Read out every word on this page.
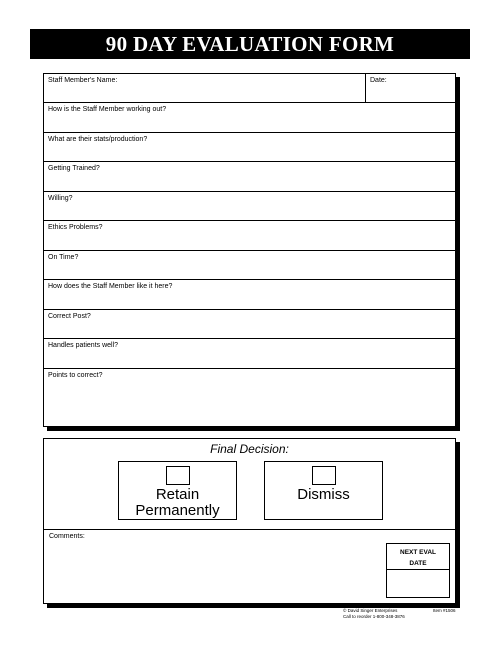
90 DAY EVALUATION FORM
Staff Member's Name:	Date:
How is the Staff Member working out?
What are their stats/production?
Getting Trained?
Willing?
Ethics Problems?
On Time?
How does the Staff Member like it here?
Correct Post?
Handles patients well?
Points to correct?
Final Decision:
Retain
Permanently
Dismiss
Comments:
NEXT EVAL
DATE
© David Singer Enterprises
Call to reorder 1-800-348-3876
Item #1506
